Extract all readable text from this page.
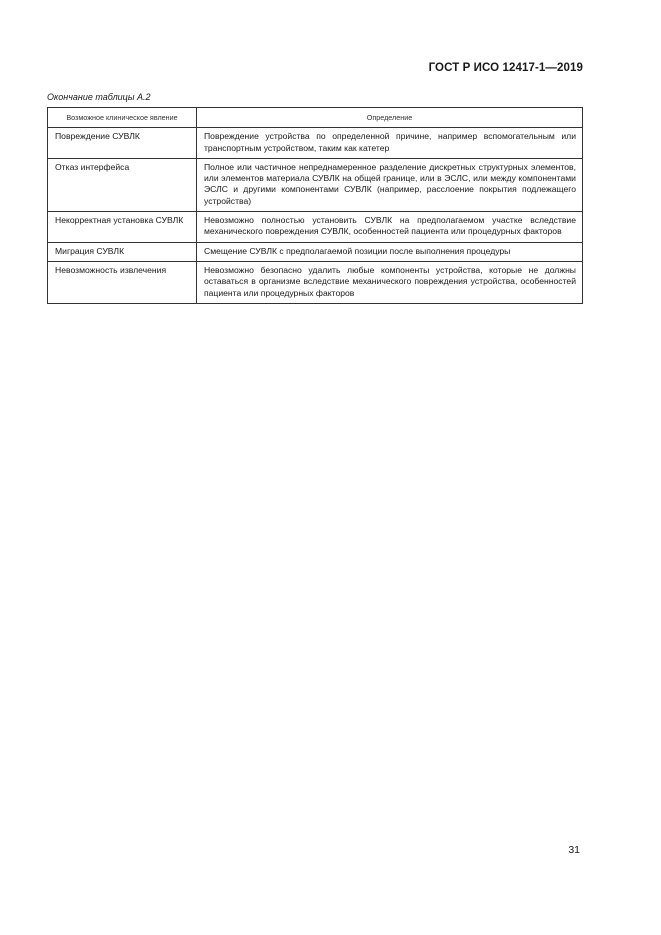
ГОСТ Р ИСО 12417-1—2019
Окончание таблицы А.2
Возможное клиническое явление	Определение
Повреждение СУВЛК	Повреждение устройства по определенной причине, например вспомогательным или транспортным устройством, таким как катетер
Отказ интерфейса	Полное или частичное непреднамеренное разделение дискретных структурных элементов, или элементов материала СУВЛК на общей границе, или в ЭСЛС, или между компонентами ЭСЛС и другими компонентами СУВЛК (например, расслоение покрытия подлежащего устройства)
Некорректная установка СУВЛК	Невозможно полностью установить СУВЛК на предполагаемом участке вследствие механического повреждения СУВЛК, особенностей пациента или процедурных факторов
Миграция СУВЛК	Смещение СУВЛК с предполагаемой позиции после выполнения процедуры
Невозможность извлечения	Невозможно безопасно удалить любые компоненты устройства, которые не должны оставаться в организме вследствие механического повреждения устройства, особенностей пациента или процедурных факторов
31
